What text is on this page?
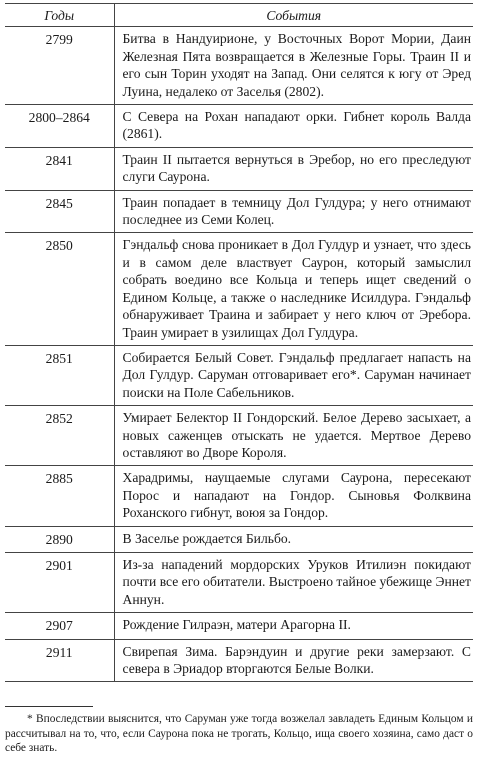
Годы	События
2799	Битва в Нандуирионе, у Восточных Ворот Мории, Даин Железная Пята возвращается в Железные Горы. Траин II и его сын Торин уходят на Запад. Они селятся к югу от Эред Луина, недалеко от Заселья (2802).
2800–2864	С Севера на Рохан нападают орки. Гибнет король Валда (2861).
2841	Траин II пытается вернуться в Эребор, но его преследуют слуги Саурона.
2845	Траин попадает в темницу Дол Гулдура; у него отнимают последнее из Семи Колец.
2850	Гэндальф снова проникает в Дол Гулдур и узнает, что здесь и в самом деле властвует Саурон, который замыслил собрать воедино все Кольца и теперь ищет сведений о Едином Кольце, а также о наследнике Исилдура. Гэндальф обнаруживает Траина и забирает у него ключ от Эребора. Траин умирает в узилищах Дол Гулдура.
2851	Собирается Белый Совет. Гэндальф предлагает напасть на Дол Гулдур. Саруман отговаривает его*. Саруман начинает поиски на Поле Сабельников.
2852	Умирает Белектор II Гондорский. Белое Дерево засыхает, а новых саженцев отыскать не удается. Мертвое Дерево оставляют во Дворе Короля.
2885	Харадримы, наущаемые слугами Саурона, пересекают Порос и нападают на Гондор. Сыновья Фолквина Роханского гибнут, воюя за Гондор.
2890	В Заселье рождается Бильбо.
2901	Из-за нападений мордорских Уруков Итилиэн покидают почти все его обитатели. Выстроено тайное убежище Эннет Аннун.
2907	Рождение Гилраэн, матери Арагорна II.
2911	Свирепая Зима. Барэндуин и другие реки замерзают. С севера в Эриадор вторгаются Белые Волки.
* Впоследствии выяснится, что Саруман уже тогда возжелал завладеть Единым Кольцом и рассчитывал на то, что, если Саурона пока не трогать, Кольцо, ища своего хозяина, само даст о себе знать.
